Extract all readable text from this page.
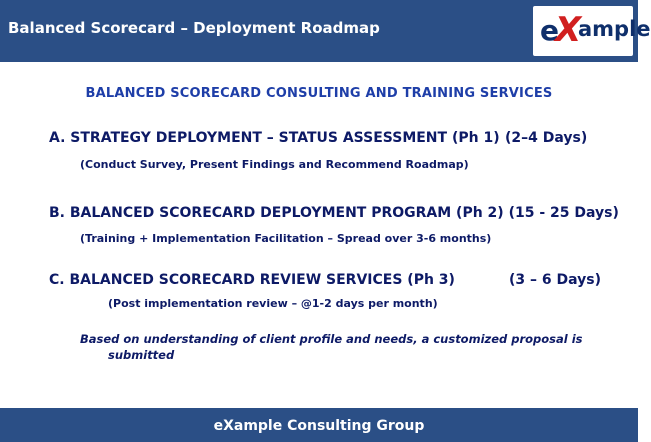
Balanced Scorecard – Deployment Roadmap	e
X
ample
BALANCED SCORECARD CONSULTING AND TRAINING SERVICES
A. STRATEGY DEPLOYMENT – STATUS ASSESSMENT (Ph 1) (2–4 Days)
(Conduct Survey, Present Findings and Recommend Roadmap)
B. BALANCED SCORECARD DEPLOYMENT PROGRAM (Ph 2) (15 - 25 Days)
(Training + Implementation Facilitation – Spread over 3-6 months)
C. BALANCED SCORECARD REVIEW SERVICES (Ph 3)	(3 – 6 Days)
(Post implementation review – @1-2 days per month)
Based on understanding of client profile and needs, a customized proposal is
submitted
eXample Consulting Group
